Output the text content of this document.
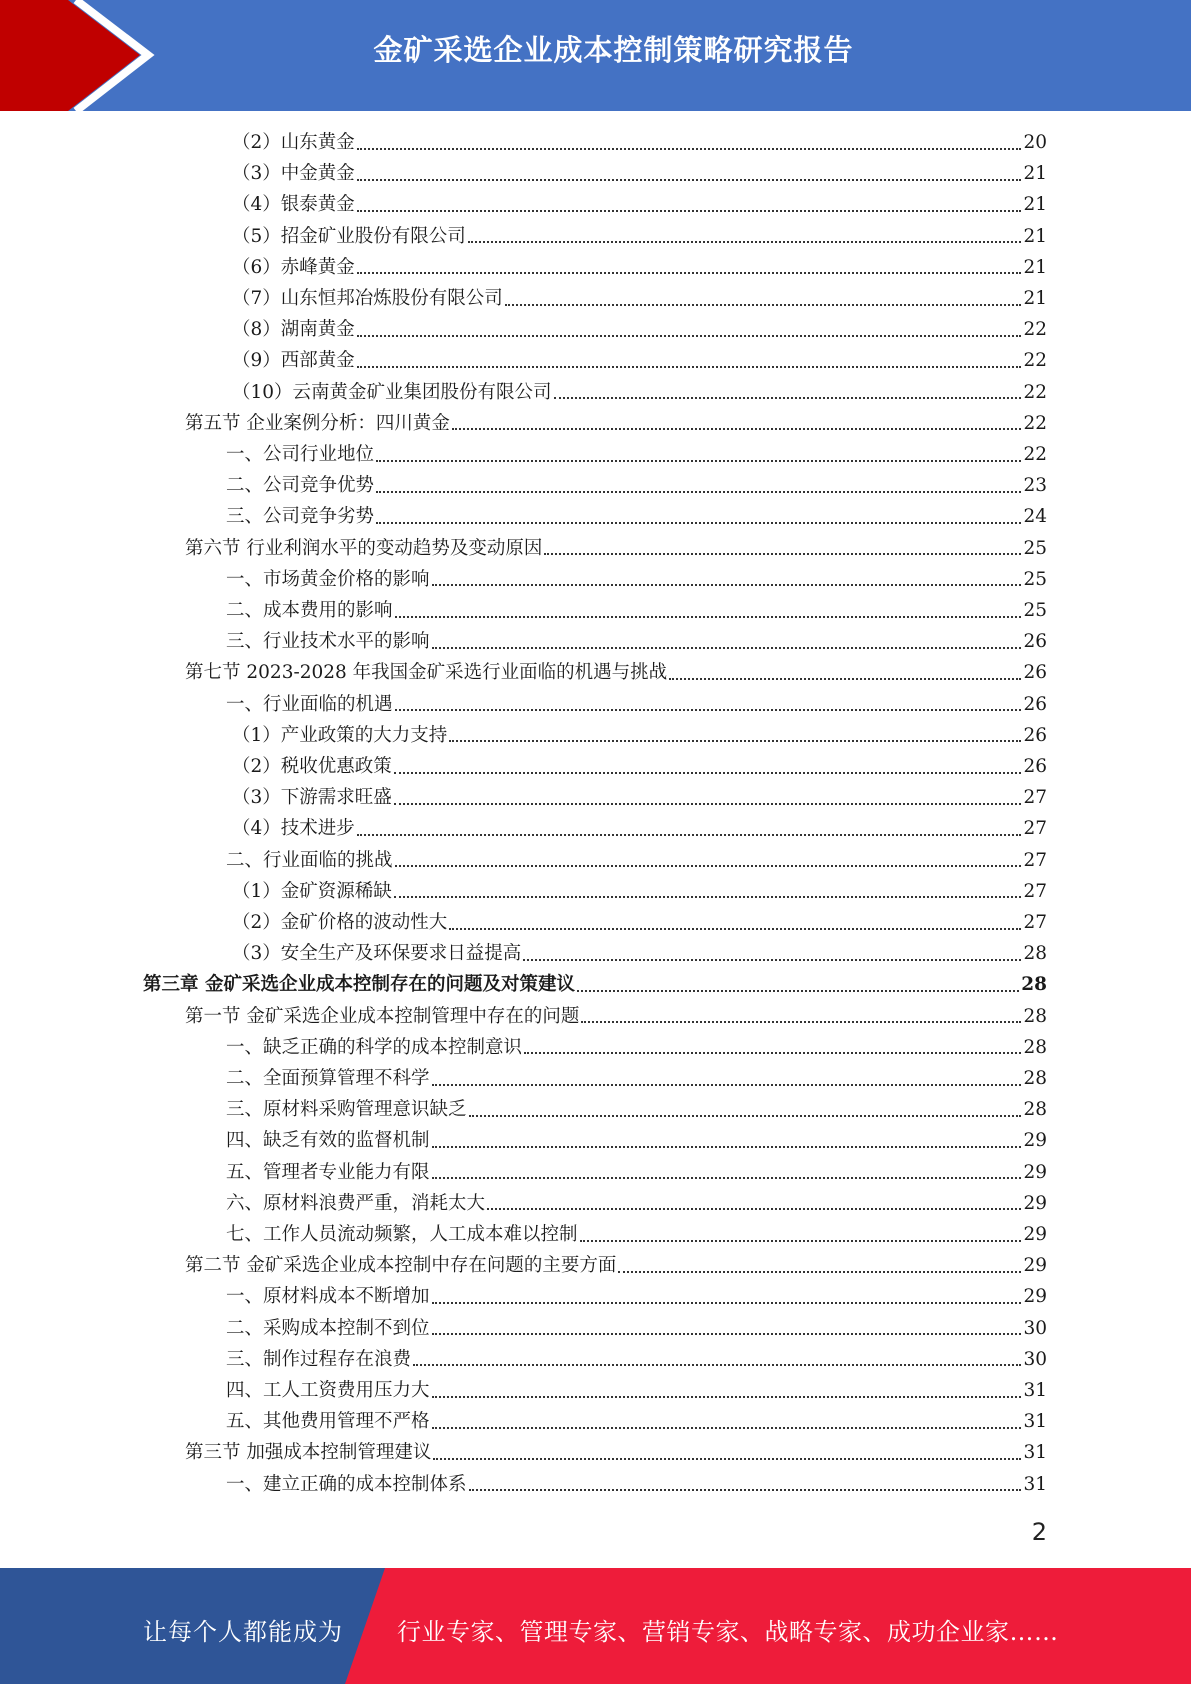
金矿采选企业成本控制策略研究报告
（2）山东黄金	20
（3）中金黄金	21
（4）银泰黄金	21
（5）招金矿业股份有限公司	21
（6）赤峰黄金	21
（7）山东恒邦冶炼股份有限公司	21
（8）湖南黄金	22
（9）西部黄金	22
（10）云南黄金矿业集团股份有限公司	22
第五节 企业案例分析：四川黄金	22
一、公司行业地位	22
二、公司竞争优势	23
三、公司竞争劣势	24
第六节 行业利润水平的变动趋势及变动原因	25
一、市场黄金价格的影响	25
二、成本费用的影响	25
三、行业技术水平的影响	26
第七节 2023-2028 年我国金矿采选行业面临的机遇与挑战	26
一、行业面临的机遇	26
（1）产业政策的大力支持	26
（2）税收优惠政策	26
（3）下游需求旺盛	27
（4）技术进步	27
二、行业面临的挑战	27
（1）金矿资源稀缺	27
（2）金矿价格的波动性大	27
（3）安全生产及环保要求日益提高	28
第三章 金矿采选企业成本控制存在的问题及对策建议	28
第一节 金矿采选企业成本控制管理中存在的问题	28
一、缺乏正确的科学的成本控制意识	28
二、全面预算管理不科学	28
三、原材料采购管理意识缺乏	28
四、缺乏有效的监督机制	29
五、管理者专业能力有限	29
六、原材料浪费严重，消耗太大	29
七、工作人员流动频繁，人工成本难以控制	29
第二节 金矿采选企业成本控制中存在问题的主要方面	29
一、原材料成本不断增加	29
二、采购成本控制不到位	30
三、制作过程存在浪费	30
四、工人工资费用压力大	31
五、其他费用管理不严格	31
第三节 加强成本控制管理建议	31
一、建立正确的成本控制体系	31
2
让每个人都能成为 行业专家、管理专家、营销专家、战略专家、成功企业家……
